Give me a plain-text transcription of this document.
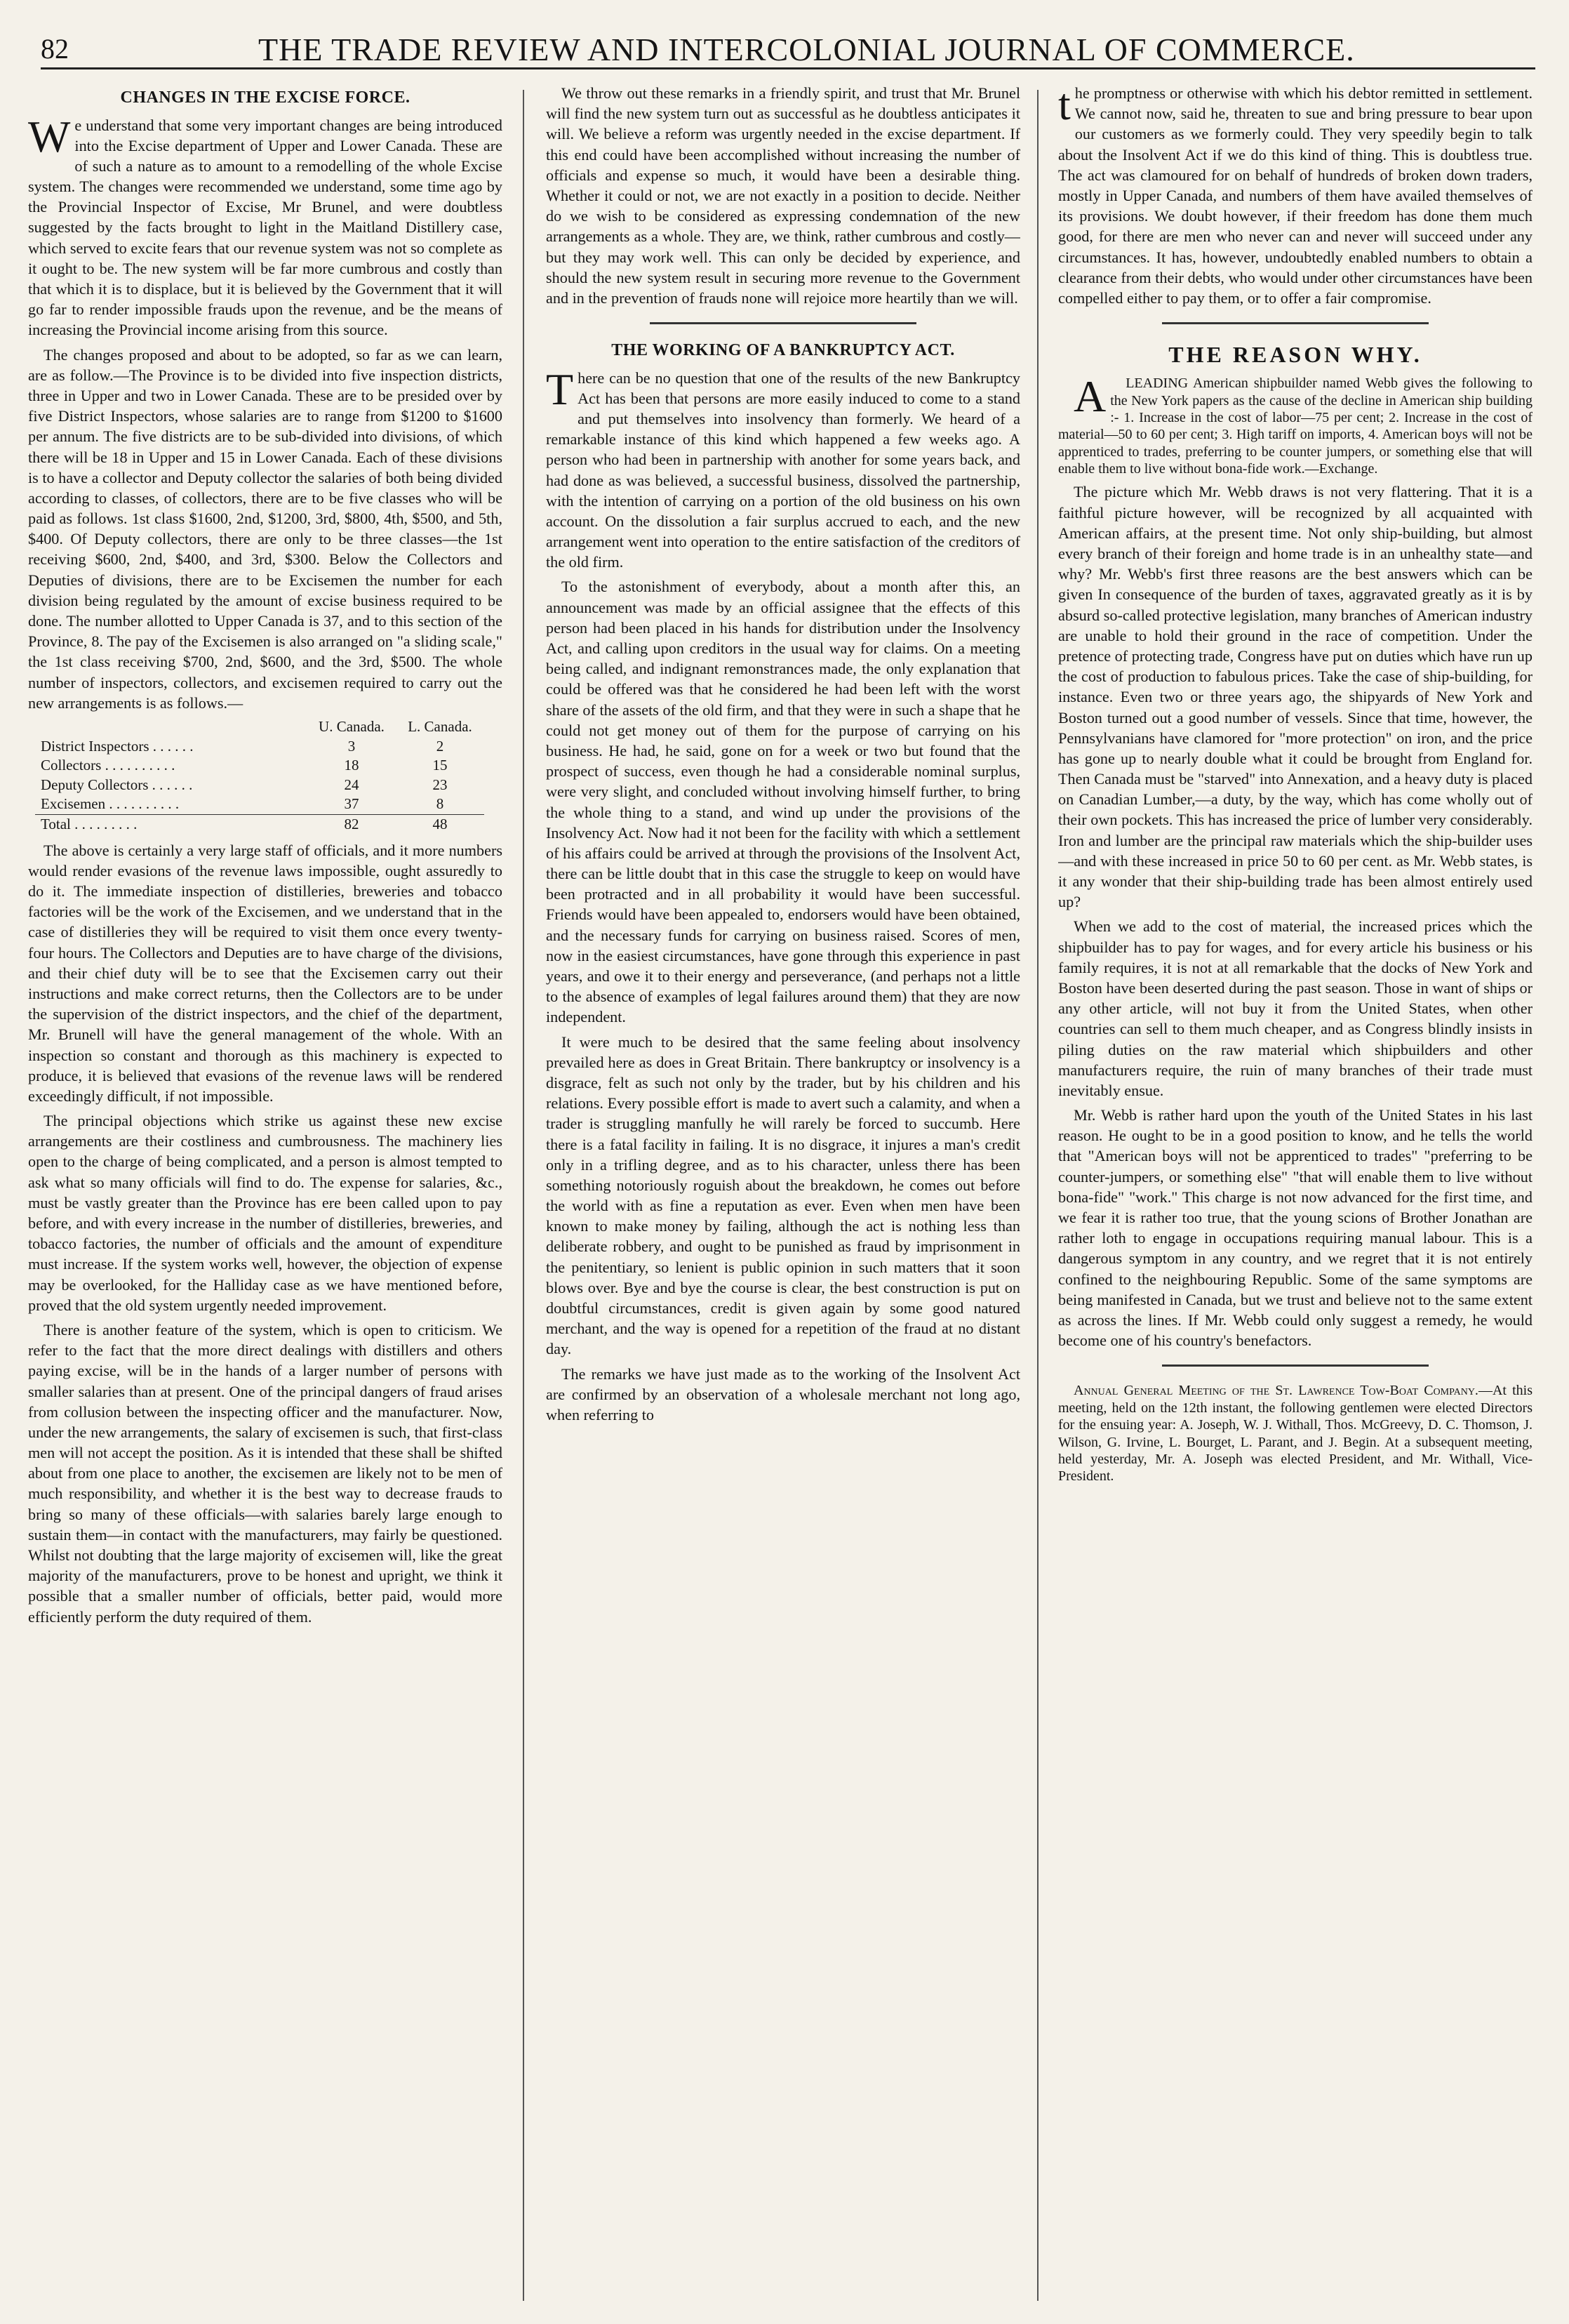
82	THE TRADE REVIEW AND INTERCOLONIAL JOURNAL OF COMMERCE.
CHANGES IN THE EXCISE FORCE.

We understand that some very important changes are being introduced into the Excise department of Upper and Lower Canada. These are of such a nature as to amount to a remodelling of the whole Excise system. The changes were recommended we understand, some time ago by the Provincial Inspector of Excise, Mr Brunel, and were doubtless suggested by the facts brought to light in the Maitland Distillery case, which served to excite fears that our revenue system was not so complete as it ought to be. The new system will be far more cumbrous and costly than that which it is to displace, but it is believed by the Government that it will go far to render impossible frauds upon the revenue, and be the means of increasing the Provincial income arising from this source.

The changes proposed and about to be adopted, so far as we can learn, are as follow.—The Province is to be divided into five inspection districts, three in Upper and two in Lower Canada. These are to be presided over by five District Inspectors, whose salaries are to range from $1200 to $1600 per annum. The five districts are to be sub-divided into divisions, of which there will be 18 in Upper and 15 in Lower Canada. Each of these divisions is to have a collector and Deputy collector the salaries of both being divided according to classes, of collectors, there are to be five classes who will be paid as follows. 1st class $1600, 2nd, $1200, 3rd, $800, 4th, $500, and 5th, $400. Of Deputy collectors, there are only to be three classes—the 1st receiving $600, 2nd, $400, and 3rd, $300. Below the Collectors and Deputies of divisions, there are to be Excisemen the number for each division being regulated by the amount of excise business required to be done. The number allotted to Upper Canada is 37, and to this section of the Province, 8. The pay of the Excisemen is also arranged on "a sliding scale," the 1st class receiving $700, 2nd, $600, and the 3rd, $500. The whole number of inspectors, collectors, and excisemen required to carry out the new arrangements is as follows.—

	U. Canada.	L. Canada.
District Inspectors . . . . . .	3	2
Collectors . . . . . . . . . .	18	15
Deputy Collectors . . . . . .	24	23
Excisemen . . . . . . . . . .	37	8
Total . . . . . . . . .	82	48

The above is certainly a very large staff of officials, and it more numbers would render evasions of the revenue laws impossible, ought assuredly to do it. The immediate inspection of distilleries, breweries and tobacco factories will be the work of the Excisemen, and we understand that in the case of distilleries they will be required to visit them once every twenty-four hours. The Collectors and Deputies are to have charge of the divisions, and their chief duty will be to see that the Excisemen carry out their instructions and make correct returns, then the Collectors are to be under the supervision of the district inspectors, and the chief of the department, Mr. Brunell will have the general management of the whole. With an inspection so constant and thorough as this machinery is expected to produce, it is believed that evasions of the revenue laws will be rendered exceedingly difficult, if not impossible.

The principal objections which strike us against these new excise arrangements are their costliness and cumbrousness. The machinery lies open to the charge of being complicated, and a person is almost tempted to ask what so many officials will find to do. The expense for salaries, &c., must be vastly greater than the Province has ere been called upon to pay before, and with every increase in the number of distilleries, breweries, and tobacco factories, the number of officials and the amount of expenditure must increase. If the system works well, however, the objection of expense may be overlooked, for the Halliday case as we have mentioned before, proved that the old system urgently needed improvement.

There is another feature of the system, which is open to criticism. We refer to the fact that the more direct dealings with distillers and others paying excise, will be in the hands of a larger number of persons with smaller salaries than at present. One of the principal dangers of fraud arises from collusion between the inspecting officer and the manufacturer. Now, under the new arrangements, the salary of excisemen is such, that first-class men will not accept the position. As it is intended that these shall be shifted about from one place to another, the excisemen are likely not to be men of much responsibility, and whether it is the best way to decrease frauds to bring so many of these officials—with salaries barely large enough to sustain them—in contact with the manufacturers, may fairly be questioned. Whilst not doubting that the large majority of excisemen will, like the great majority of the manufacturers, prove to be honest and upright, we think it possible that a smaller number of officials, better paid, would more efficiently perform the duty required of them.

We throw out these remarks in a friendly spirit, and trust that Mr. Brunel will find the new system turn out as successful as he doubtless anticipates it will. We believe a reform was urgently needed in the excise department. If this end could have been accomplished without increasing the number of officials and expense so much, it would have been a desirable thing. Whether it could or not, we are not exactly in a position to decide. Neither do we wish to be considered as expressing condemnation of the new arrangements as a whole. They are, we think, rather cumbrous and costly—but they may work well. This can only be decided by experience, and should the new system result in securing more revenue to the Government and in the prevention of frauds none will rejoice more heartily than we will.

THE WORKING OF A BANKRUPTCY ACT.

There can be no question that one of the results of the new Bankruptcy Act has been that persons are more easily induced to come to a stand and put themselves into insolvency than formerly. We heard of a remarkable instance of this kind which happened a few weeks ago. A person who had been in partnership with another for some years back, and had done as was believed, a successful business, dissolved the partnership, with the intention of carrying on a portion of the old business on his own account. On the dissolution a fair surplus accrued to each, and the new arrangement went into operation to the entire satisfaction of the creditors of the old firm.

To the astonishment of everybody, about a month after this, an announcement was made by an official assignee that the effects of this person had been placed in his hands for distribution under the Insolvency Act, and calling upon creditors in the usual way for claims. On a meeting being called, and indignant remonstrances made, the only explanation that could be offered was that he considered he had been left with the worst share of the assets of the old firm, and that they were in such a shape that he could not get money out of them for the purpose of carrying on his business. He had, he said, gone on for a week or two but found that the prospect of success, even though he had a considerable nominal surplus, were very slight, and concluded without involving himself further, to bring the whole thing to a stand, and wind up under the provisions of the Insolvency Act. Now had it not been for the facility with which a settlement of his affairs could be arrived at through the provisions of the Insolvent Act, there can be little doubt that in this case the struggle to keep on would have been protracted and in all probability it would have been successful. Friends would have been appealed to, endorsers would have been obtained, and the necessary funds for carrying on business raised. Scores of men, now in the easiest circumstances, have gone through this experience in past years, and owe it to their energy and perseverance, (and perhaps not a little to the absence of examples of legal failures around them) that they are now independent.

It were much to be desired that the same feeling about insolvency prevailed here as does in Great Britain. There bankruptcy or insolvency is a disgrace, felt as such not only by the trader, but by his children and his relations. Every possible effort is made to avert such a calamity, and when a trader is struggling manfully he will rarely be forced to succumb. Here there is a fatal facility in failing. It is no disgrace, it injures a man's credit only in a trifling degree, and as to his character, unless there has been something notoriously roguish about the breakdown, he comes out before the world with as fine a reputation as ever. Even when men have been known to make money by failing, although the act is nothing less than deliberate robbery, and ought to be punished as fraud by imprisonment in the penitentiary, so lenient is public opinion in such matters that it soon blows over. Bye and bye the course is clear, the best construction is put on doubtful circumstances, credit is given again by some good natured merchant, and the way is opened for a repetition of the fraud at no distant day.

The remarks we have just made as to the working of the Insolvent Act are confirmed by an observation of a wholesale merchant not long ago, when referring to

the promptness or otherwise with which his debtor remitted in settlement. We cannot now, said he, threaten to sue and bring pressure to bear upon our customers as we formerly could. They very speedily begin to talk about the Insolvent Act if we do this kind of thing. This is doubtless true. The act was clamoured for on behalf of hundreds of broken down traders, mostly in Upper Canada, and numbers of them have availed themselves of its provisions. We doubt however, if their freedom has done them much good, for there are men who never can and never will succeed under any circumstances. It has, however, undoubtedly enabled numbers to obtain a clearance from their debts, who would under other circumstances have been compelled either to pay them, or to offer a fair compromise.

THE REASON WHY.

ALEADING American shipbuilder named Webb gives the following to the New York papers as the cause of the decline in American ship building :- 1. Increase in the cost of labor—75 per cent; 2. Increase in the cost of material—50 to 60 per cent; 3. High tariff on imports, 4. American boys will not be apprenticed to trades, preferring to be counter jumpers, or something else that will enable them to live without bona-fide work.—Exchange.

The picture which Mr. Webb draws is not very flattering. That it is a faithful picture however, will be recognized by all acquainted with American affairs, at the present time. Not only ship-building, but almost every branch of their foreign and home trade is in an unhealthy state—and why? Mr. Webb's first three reasons are the best answers which can be given In consequence of the burden of taxes, aggravated greatly as it is by absurd so-called protective legislation, many branches of American industry are unable to hold their ground in the race of competition. Under the pretence of protecting trade, Congress have put on duties which have run up the cost of production to fabulous prices. Take the case of ship-building, for instance. Even two or three years ago, the shipyards of New York and Boston turned out a good number of vessels. Since that time, however, the Pennsylvanians have clamored for "more protection" on iron, and the price has gone up to nearly double what it could be brought from England for. Then Canada must be "starved" into Annexation, and a heavy duty is placed on Canadian Lumber,—a duty, by the way, which has come wholly out of their own pockets. This has increased the price of lumber very considerably. Iron and lumber are the principal raw materials which the ship-builder uses—and with these increased in price 50 to 60 per cent. as Mr. Webb states, is it any wonder that their ship-building trade has been almost entirely used up?

When we add to the cost of material, the increased prices which the shipbuilder has to pay for wages, and for every article his business or his family requires, it is not at all remarkable that the docks of New York and Boston have been deserted during the past season. Those in want of ships or any other article, will not buy it from the United States, when other countries can sell to them much cheaper, and as Congress blindly insists in piling duties on the raw material which shipbuilders and other manufacturers require, the ruin of many branches of their trade must inevitably ensue.

Mr. Webb is rather hard upon the youth of the United States in his last reason. He ought to be in a good position to know, and he tells the world that "American boys will not be apprenticed to trades" "preferring to be counter-jumpers, or something else" "that will enable them to live without bona-fide" "work." This charge is not now advanced for the first time, and we fear it is rather too true, that the young scions of Brother Jonathan are rather loth to engage in occupations requiring manual labour. This is a dangerous symptom in any country, and we regret that it is not entirely confined to the neighbouring Republic. Some of the same symptoms are being manifested in Canada, but we trust and believe not to the same extent as across the lines. If Mr. Webb could only suggest a remedy, he would become one of his country's benefactors.

Annual General Meeting of the St. Lawrence Tow-Boat Company.—At this meeting, held on the 12th instant, the following gentlemen were elected Directors for the ensuing year: A. Joseph, W. J. Withall, Thos. McGreevy, D. C. Thomson, J. Wilson, G. Irvine, L. Bourget, L. Parant, and J. Begin. At a subsequent meeting, held yesterday, Mr. A. Joseph was elected President, and Mr. Withall, Vice-President.
